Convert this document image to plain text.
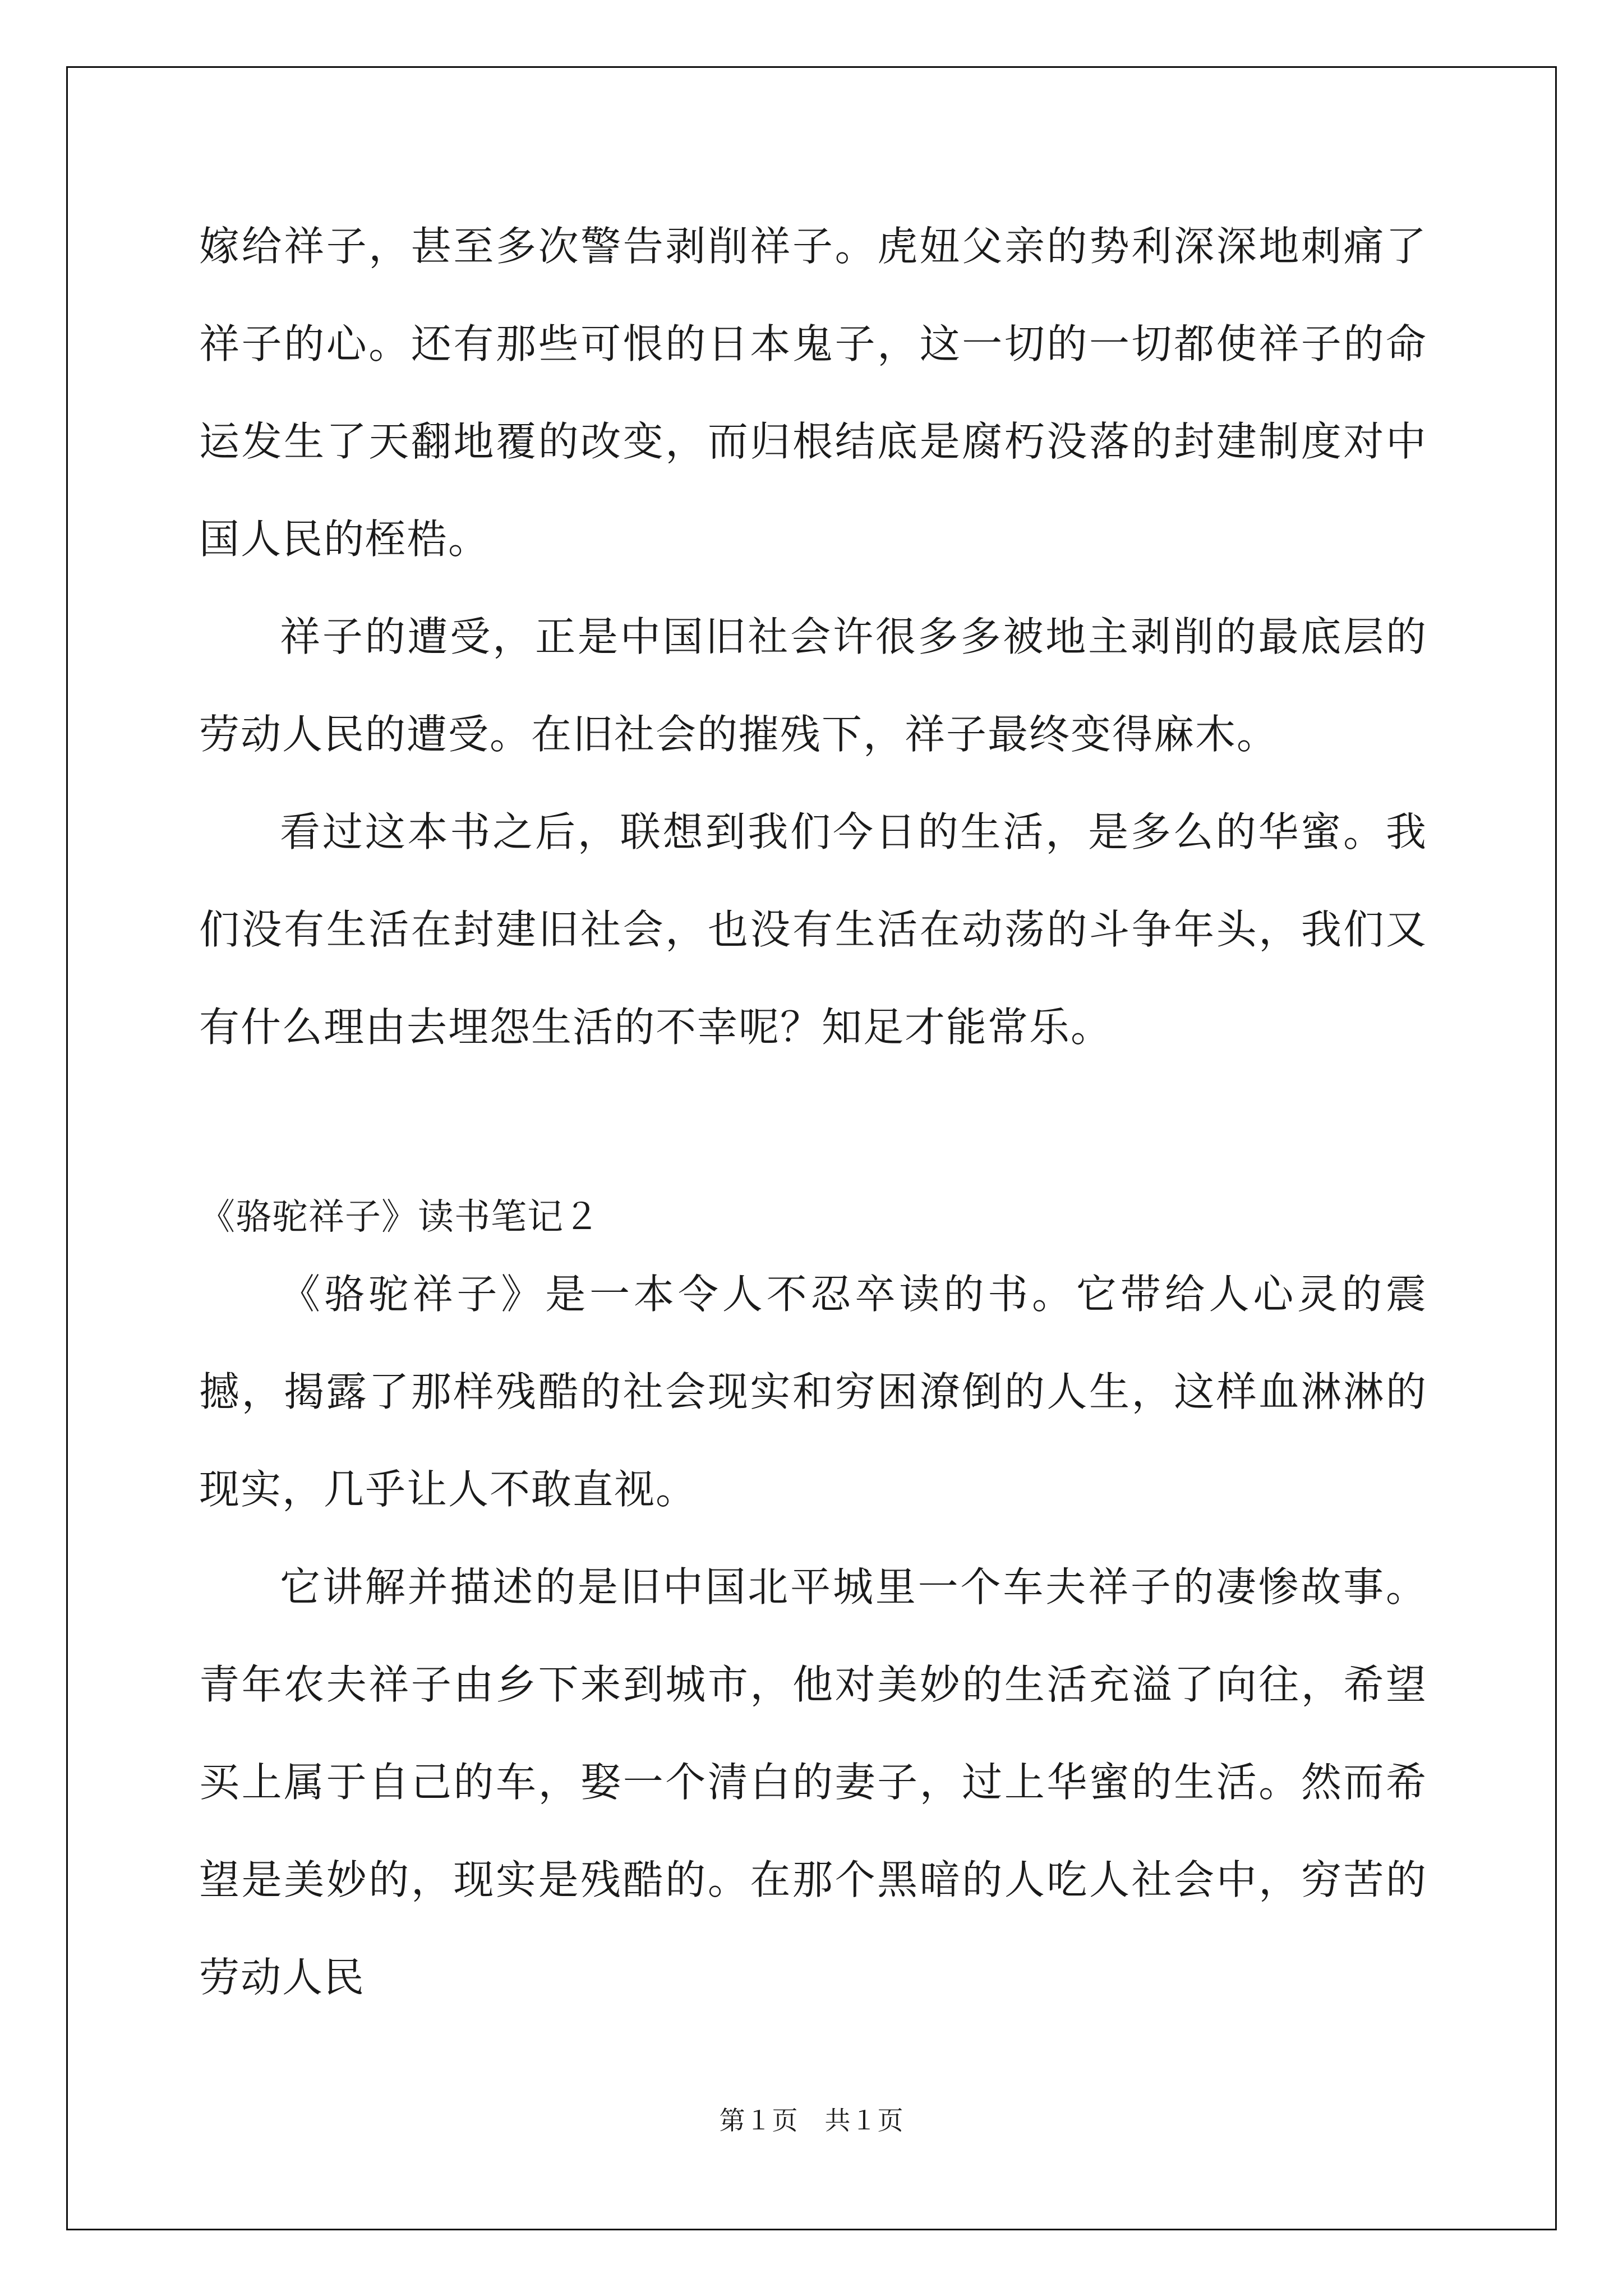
嫁给祥子，甚至多次警告剥削祥子。虎妞父亲的势利深深地刺痛了祥子的心。还有那些可恨的日本鬼子，这一切的一切都使祥子的命运发生了天翻地覆的改变，而归根结底是腐朽没落的封建制度对中国人民的桎梏。

祥子的遭受，正是中国旧社会许很多多被地主剥削的最底层的劳动人民的遭受。在旧社会的摧残下，祥子最终变得麻木。

看过这本书之后，联想到我们今日的生活，是多么的华蜜。我们没有生活在封建旧社会，也没有生活在动荡的斗争年头，我们又有什么理由去埋怨生活的不幸呢？知足才能常乐。

《骆驼祥子》读书笔记２

《骆驼祥子》是一本令人不忍卒读的书。它带给人心灵的震撼，揭露了那样残酷的社会现实和穷困潦倒的人生，这样血淋淋的现实，几乎让人不敢直视。

它讲解并描述的是旧中国北平城里一个车夫祥子的凄惨故事。青年农夫祥子由乡下来到城市，他对美妙的生活充溢了向往，希望买上属于自己的车，娶一个清白的妻子，过上华蜜的生活。然而希望是美妙的，现实是残酷的。在那个黑暗的人吃人社会中，穷苦的劳动人民

第１页　共１页
